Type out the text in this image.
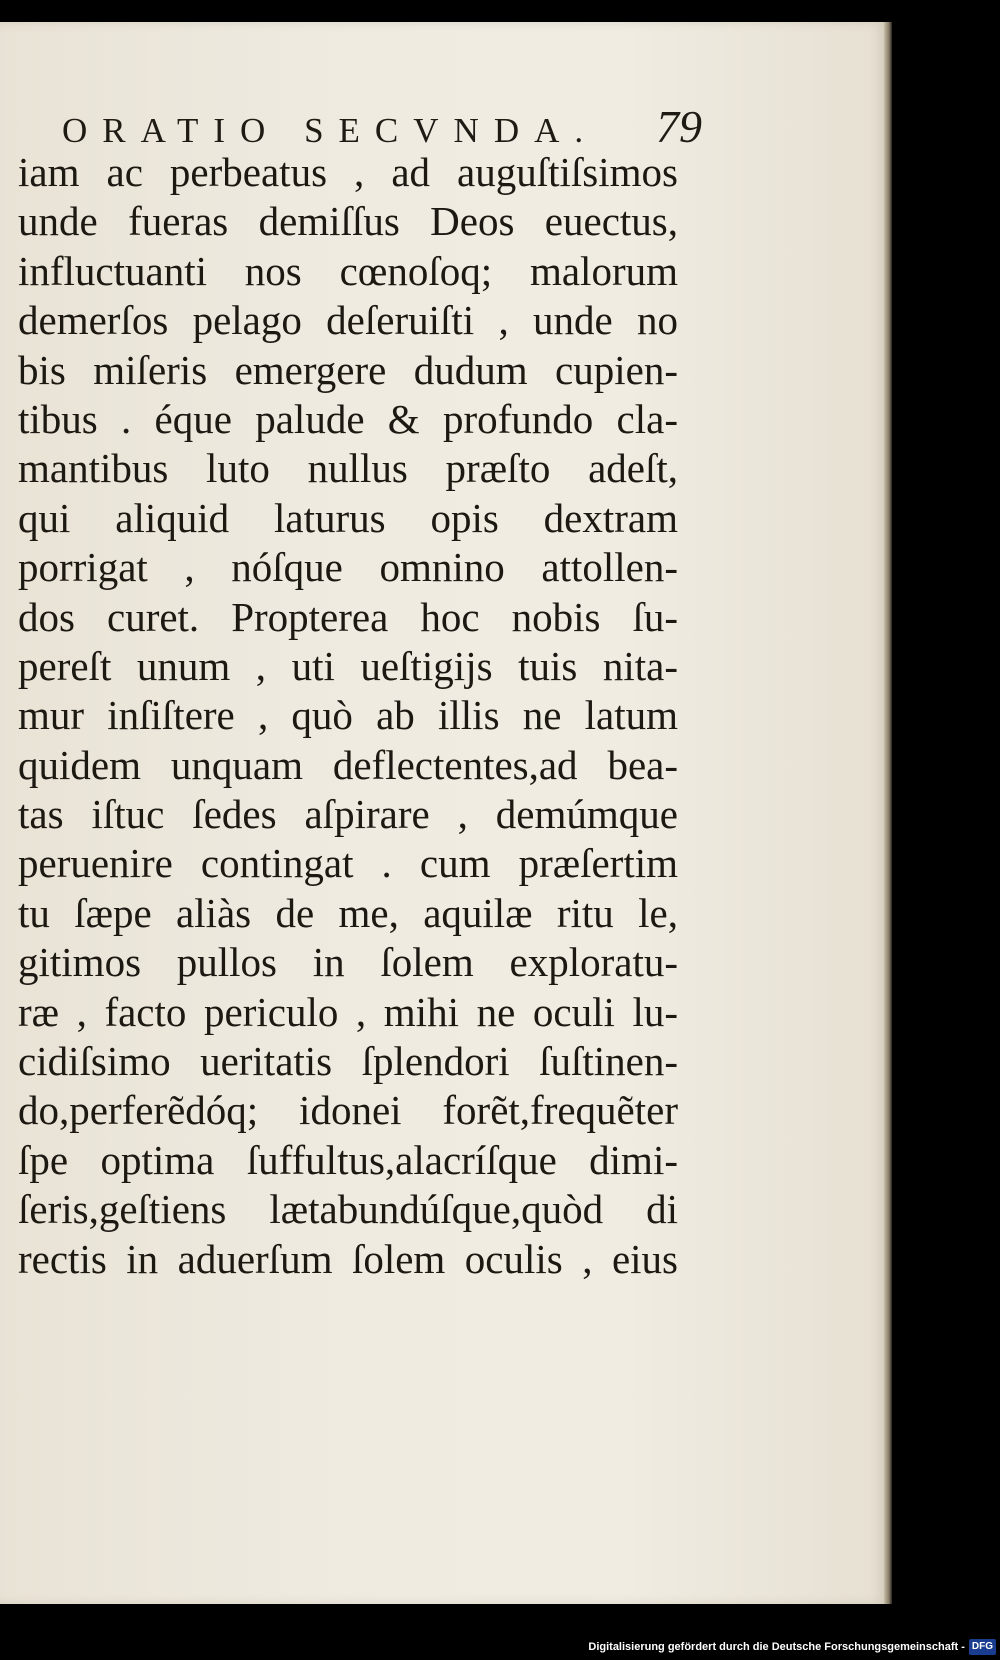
ORATIO SECVNDA. 79
iam ac perbeatus , ad auguſtiſsimos
unde fueras demiſſus Deos euectus,
influctuanti nos cœnoſoq; malorum
demerſos pelago deſeruiſti , unde no
bis miſeris emergere dudum cupien-
tibus . éque palude & profundo cla-
mantibus luto nullus præſto adeſt,
qui aliquid laturus opis dextram
porrigat , nóſque omnino attollen-
dos curet. Propterea hoc nobis ſu-
pereſt unum , uti ueſtigijs tuis nita-
mur inſiſtere , quò ab illis ne latum
quidem unquam deflectentes,ad bea-
tas iſtuc ſedes aſpirare , demúmque
peruenire contingat . cum præſertim
tu ſæpe aliàs de me, aquilæ ritu le,
gitimos pullos in ſolem exploratu-
ræ , facto periculo , mihi ne oculi lu-
cidiſsimo ueritatis ſplendori ſuſtinen-
do,perferẽdóq; idonei forẽt,frequẽter
ſpe optima ſuffultus,alacríſque dimi-
ſeris,geſtiens lætabundúſque,quòd di
rectis in aduerſum ſolem oculis , eius
Digitalisierung gefördert durch die Deutsche Forschungsgemeinschaft - DFG
